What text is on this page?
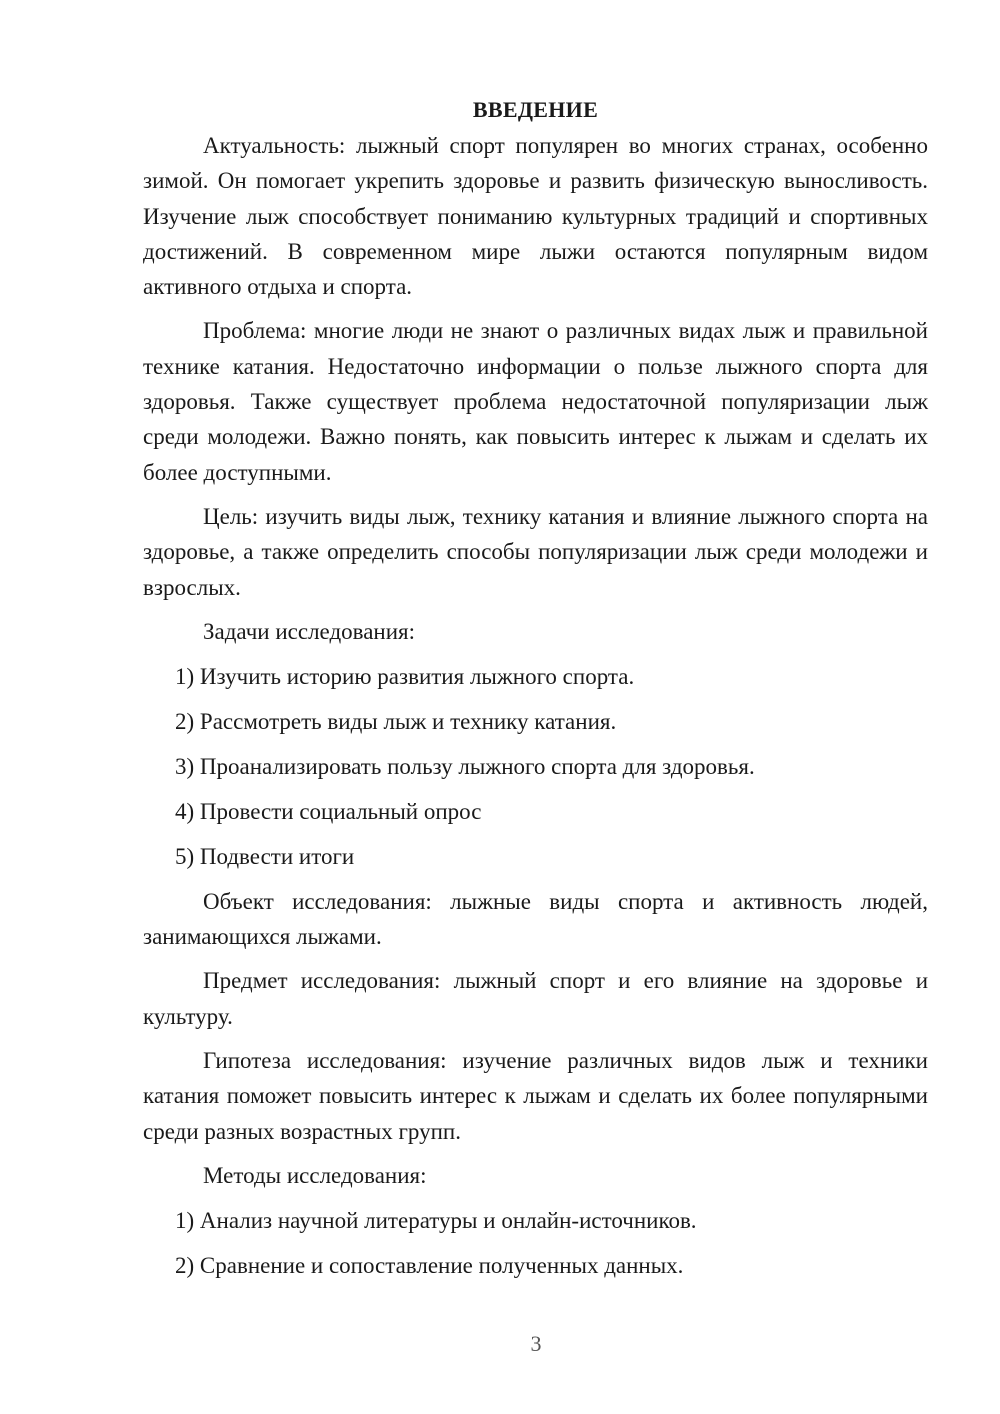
ВВЕДЕНИЕ

Актуальность: лыжный спорт популярен во многих странах, особенно зимой. Он помогает укрепить здоровье и развить физическую выносливость. Изучение лыж способствует пониманию культурных традиций и спортивных достижений. В современном мире лыжи остаются популярным видом активного отдыха и спорта.

Проблема: многие люди не знают о различных видах лыж и правильной технике катания. Недостаточно информации о пользе лыжного спорта для здоровья. Также существует проблема недостаточной популяризации лыж среди молодежи. Важно понять, как повысить интерес к лыжам и сделать их более доступными.

Цель: изучить виды лыж, технику катания и влияние лыжного спорта на здоровье, а также определить способы популяризации лыж среди молодежи и взрослых.

Задачи исследования:

1) Изучить историю развития лыжного спорта.

2) Рассмотреть виды лыж и технику катания.

3) Проанализировать пользу лыжного спорта для здоровья.

4) Провести социальный опрос

5) Подвести итоги

Объект исследования: лыжные виды спорта и активность людей, занимающихся лыжами.

Предмет исследования: лыжный спорт и его влияние на здоровье и культуру.

Гипотеза исследования: изучение различных видов лыж и техники катания поможет повысить интерес к лыжам и сделать их более популярными среди разных возрастных групп.

Методы исследования:

1) Анализ научной литературы и онлайн-источников.

2) Сравнение и сопоставление полученных данных.

3
